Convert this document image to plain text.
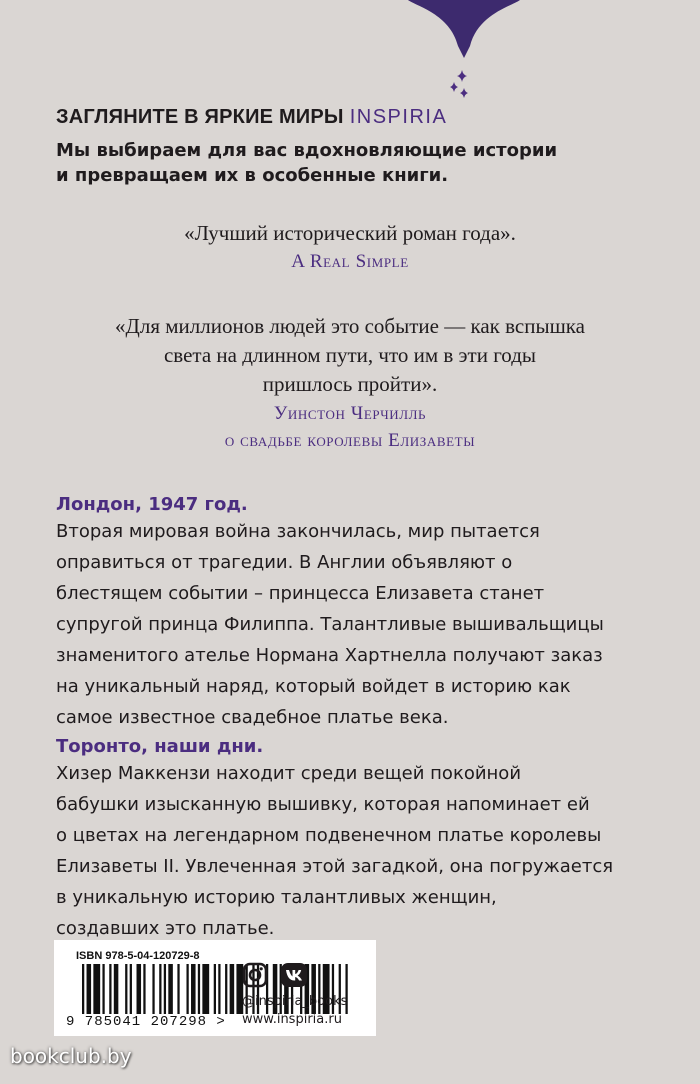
ЗАГЛЯНИТЕ В ЯРКИЕ МИРЫ INSPIRIA
Мы выбираем для вас вдохновляющие истории
и превращаем их в особенные книги.
«Лучший исторический роман года».
A Real Simple
«Для миллионов людей это событие — как вспышка
света на длинном пути, что им в эти годы
пришлось пройти».
Уинстон Черчилль
о свадьбе королевы Елизаветы
Лондон, 1947 год.
Вторая мировая война закончилась, мир пытается
оправиться от трагедии. В Англии объявляют о
блестящем событии – принцесса Елизавета станет
супругой принца Филиппа. Талантливые вышивальщицы
знаменитого ателье Нормана Хартнелла получают заказ
на уникальный наряд, который войдет в историю как
самое известное свадебное платье века.
Торонто, наши дни.
Хизер Маккензи находит среди вещей покойной
бабушки изысканную вышивку, которая напоминает ей
о цветах на легендарном подвенечном платье королевы
Елизаветы II. Увлеченная этой загадкой, она погружается
в уникальную историю талантливых женщин,
создавших это платье.
ISBN 978-5-04-120729-8
9 785041 207298 >
@inspiria_books
www.inspiria.ru
bookclub.by
